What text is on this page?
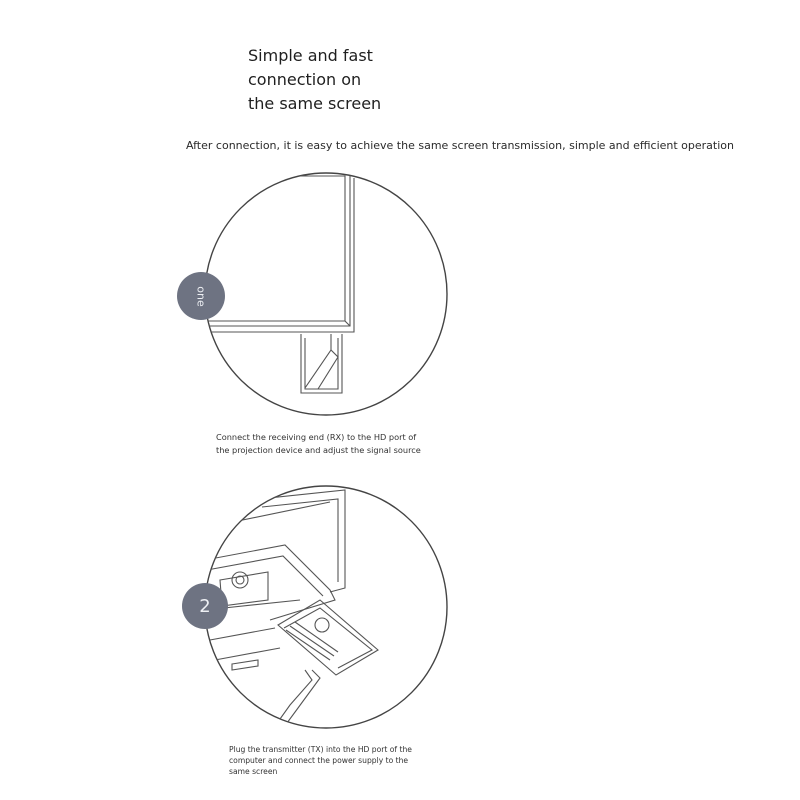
Simple and fast
connection on
the same screen
After connection, it is easy to achieve the same screen transmission, simple and efficient operation
one
2
Connect the receiving end (RX) to the HD port of
the projection device and adjust the signal source
Plug the transmitter (TX) into the HD port of the
computer and connect the power supply to the
same screen
